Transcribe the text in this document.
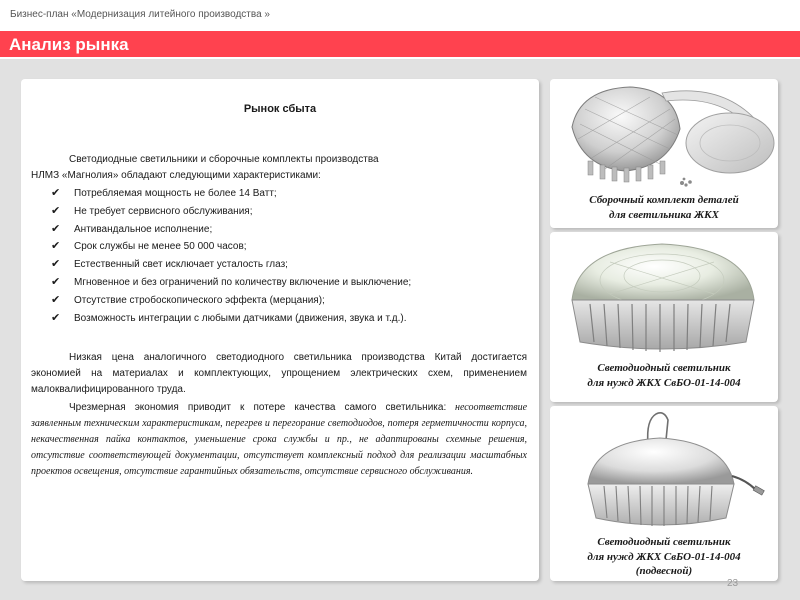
Бизнес-план «Модернизация литейного производства »
Анализ рынка
Рынок сбыта
Светодиодные светильники и сборочные комплекты производства
НЛМЗ «Магнолия» обладают следующими характеристиками:
✔ Потребляемая мощность не более 14 Ватт;
✔ Не требует сервисного обслуживания;
✔ Антивандальное исполнение;
✔ Срок службы не менее 50 000 часов;
✔ Естественный свет исключает усталость глаз;
✔ Мгновенное и без ограничений по количеству включение и выключение;
✔ Отсутствие стробоскопического эффекта (мерцания);
✔ Возможность интеграции с любыми датчиками (движения, звука и т.д.).
Низкая цена аналогичного светодиодного светильника производства Китай достигается экономией на материалах и комплектующих, упрощением электрических схем, применением малоквалифицированного труда.
Чрезмерная экономия приводит к потере качества самого светильника: несоответствие заявленным техническим характеристикам, перегрев и перегорание светодиодов, потеря герметичности корпуса, некачественная пайка контактов, уменьшение срока службы и пр., не адаптированы схемные решения, отсутствие соответствующей документации, отсутствует комплексный подход для реализации масштабных проектов освещения, отсутствие гарантийных обязательств, отсутствие сервисного обслуживания.
Сборочный комплект деталей
для светильника ЖКХ
Светодиодный светильник
для нужд ЖКХ СвБО-01-14-004
Светодиодный светильник
для нужд ЖКХ СвБО-01-14-004
(подвесной)
23
